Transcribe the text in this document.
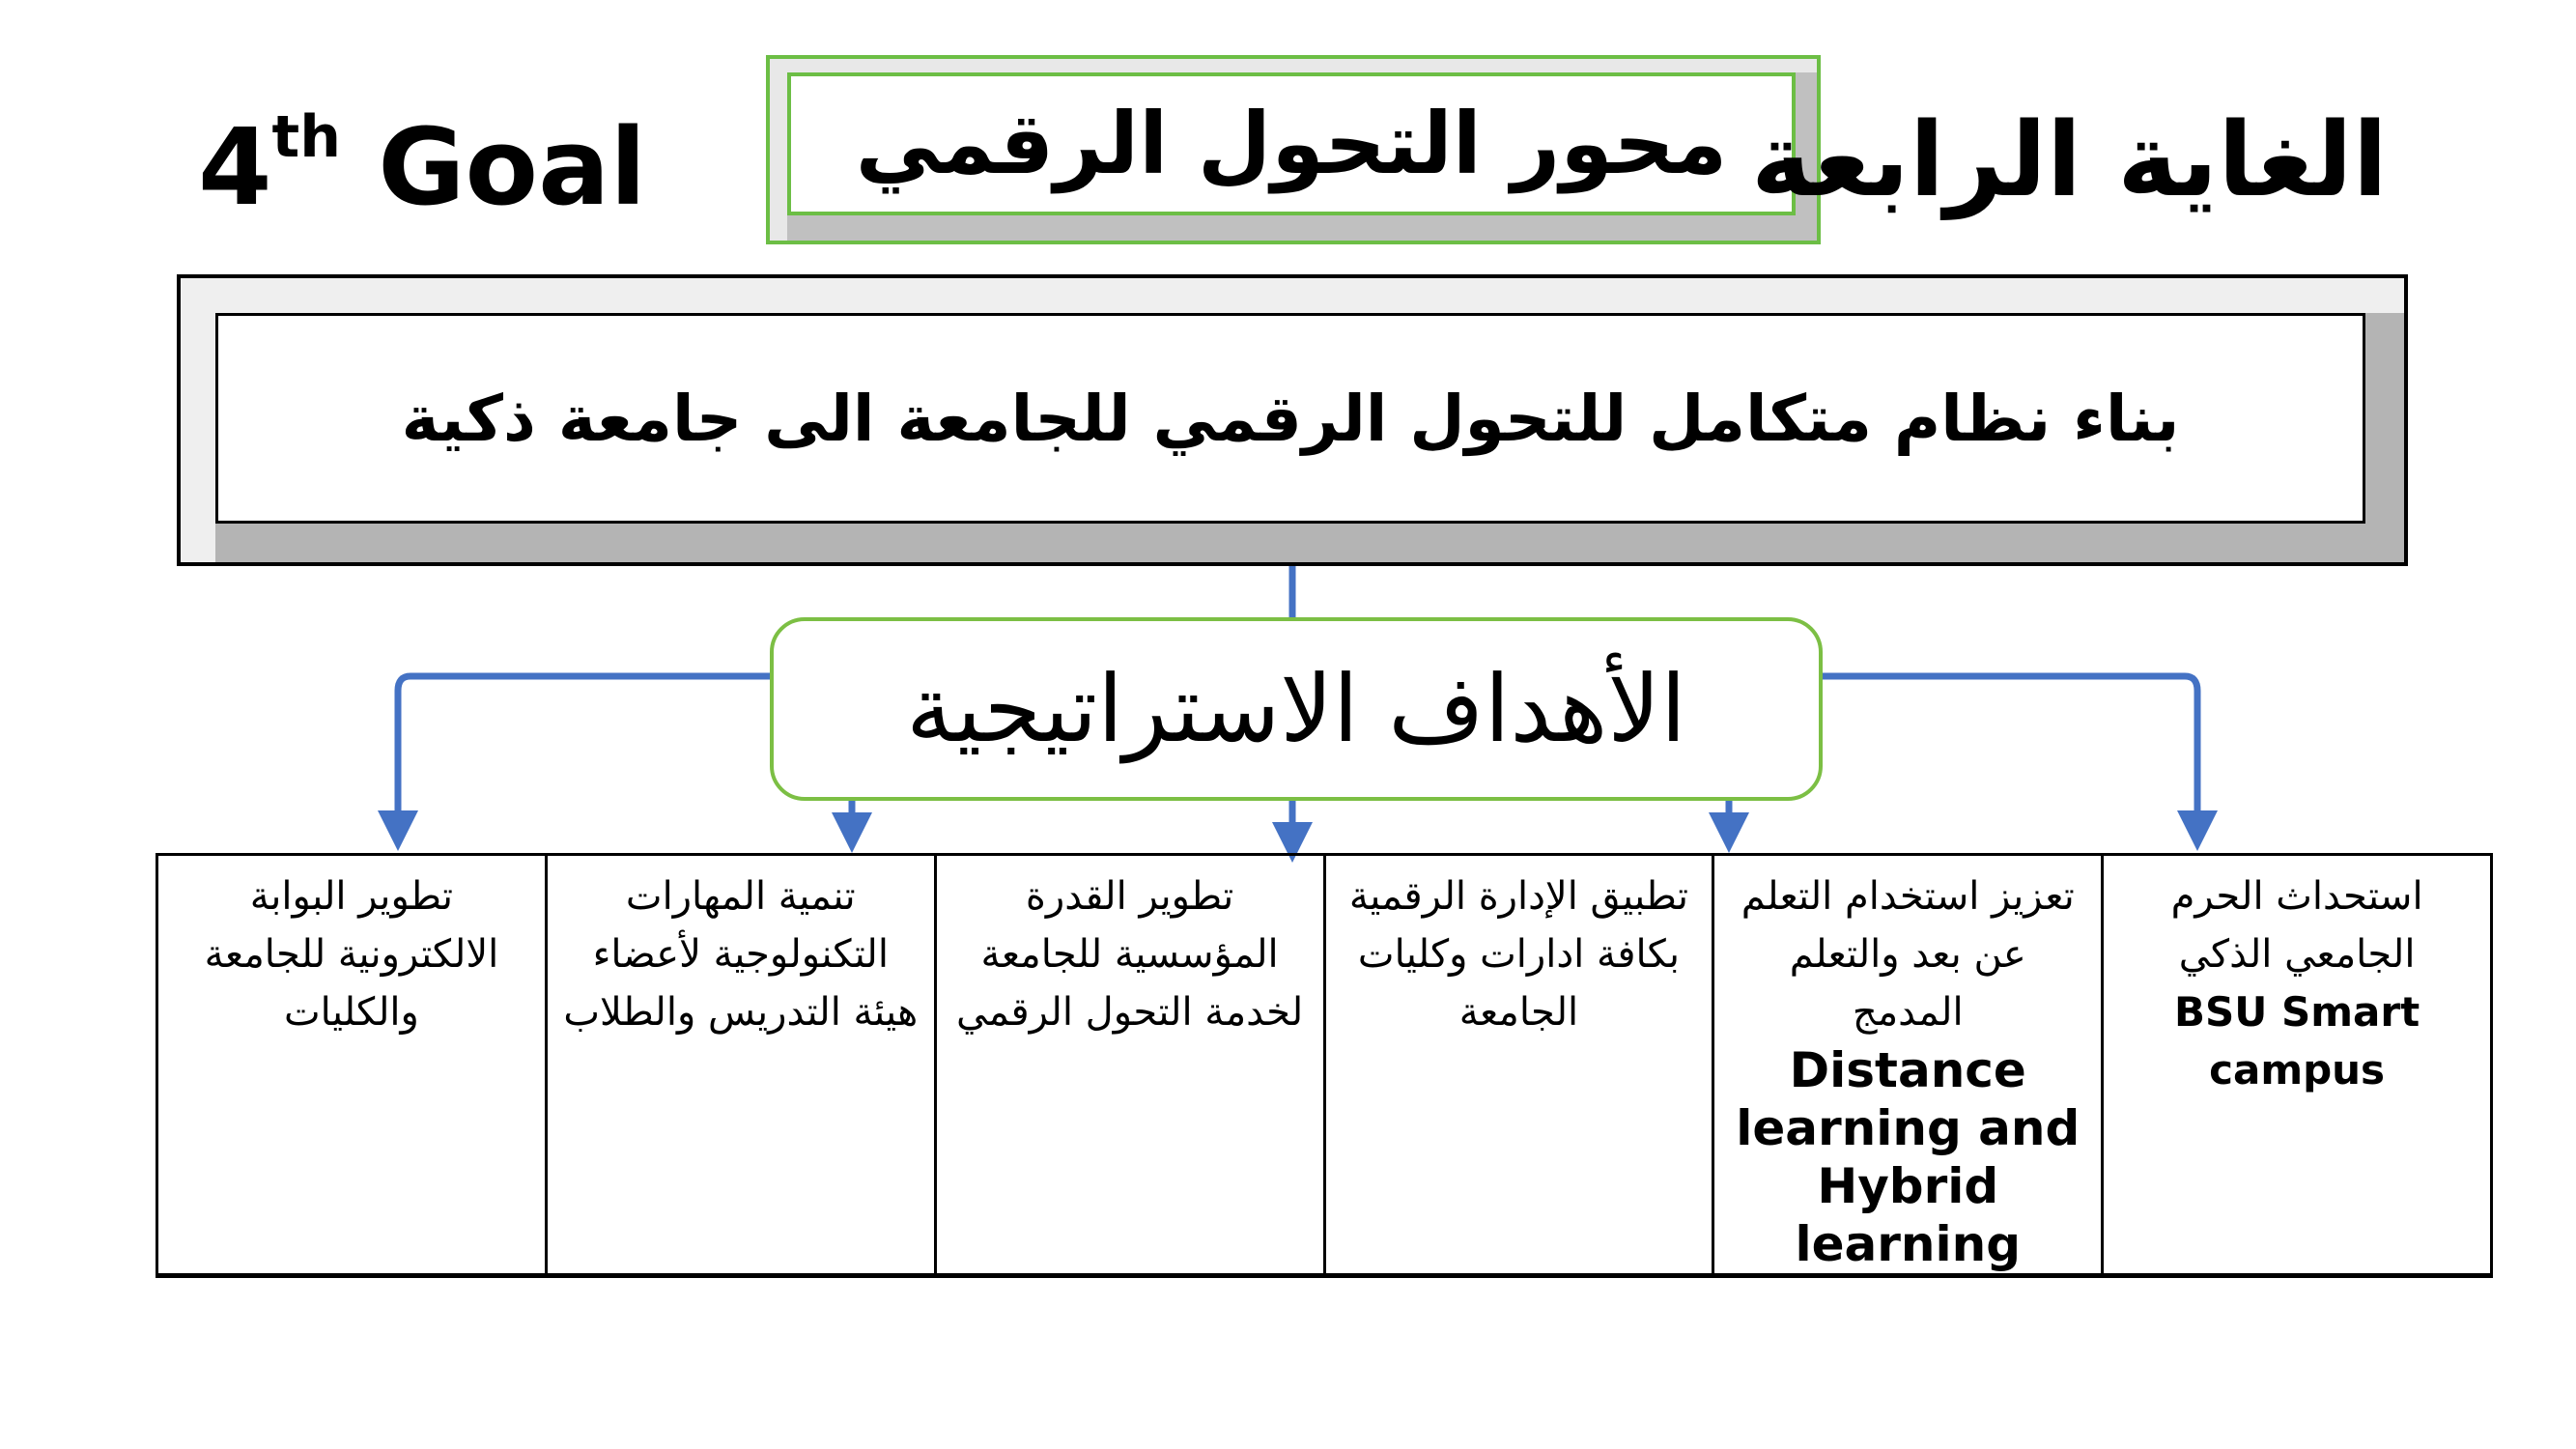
4th Goal محور التحول الرقمي الغاية الرابعة
بناء نظام متكامل للتحول الرقمي للجامعة الى جامعة ذكية
الأهداف الاستراتيجية
استحداث الحرم الجامعي الذكي
BSU Smart campus

تعزيز استخدام التعلم عن بعد والتعلم المدمج
Distance learning and Hybrid learning

تطبيق الإدارة الرقمية بكافة ادارات وكليات الجامعة

تطوير القدرة المؤسسية للجامعة لخدمة التحول الرقمي

تنمية المهارات التكنولوجية لأعضاء هيئة التدريس والطلاب

تطوير البوابة الالكترونية للجامعة والكليات
